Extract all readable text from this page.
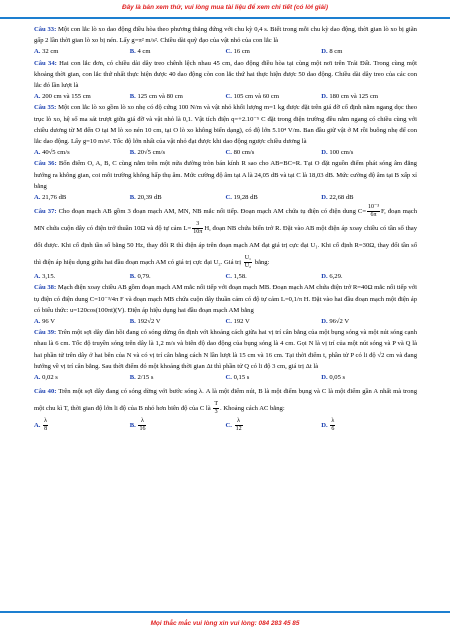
Đây là bản xem thử, vui lòng mua tài liệu để xem chi tiết (có lời giải)
Câu 33: Một con lắc lò xo dao động điều hòa theo phương thẳng đứng với chu kỳ 0,4 s. Biết trong mỗi chu kỳ dao động, thời gian lò xo bị giãn gấp 2 lần thời gian lò xo bị nén. Lấy g=π² m/s². Chiều dài quỹ đạo của vật nhỏ của con lắc là
A. 32 cm	B. 4 cm	C. 16 cm	D. 8 cm
Câu 34: Hai con lắc đơn, có chiều dài dây treo chênh lệch nhau 45 cm, dao động điều hòa tại cùng một nơi trên Trái Đất. Trong cùng một khoảng thời gian, con lắc thứ nhất thực hiện được 40 dao động còn con lắc thứ hai thực hiện được 50 dao động. Chiều dài dây treo của các con lắc đó lần lượt là
A. 200 cm và 155 cm	B. 125 cm và 80 cm	C. 105 cm và 60 cm	D. 180 cm và 125 cm
Câu 35: Một con lắc lò xo gồm lò xo nhẹ có độ cứng 100 N/m và vật nhỏ khối lượng m=1 kg được đặt trên giá đỡ cố định nằm ngang dọc theo trục lò xo, hệ số ma sát trượt giữa giá đỡ và vật nhỏ là 0,1. Vật tích điện q=+2.10⁻⁵ C đặt trong điện trường đều nằm ngang có chiều cùng với chiều dương từ M đến O tại M lò xo nén 10 cm, tại O lò xo không biến dạng), có độ lớn 5.10⁴ V/m. Ban đầu giữ vật ở M rồi buông nhẹ để con lắc dao động. Lấy g=10 m/s². Tốc độ lớn nhất của vật nhỏ đạt được khi dao động ngược chiều dương là
A. 40√5 cm/s	B. 20√5 cm/s	C. 80 cm/s	D. 100 cm/s
Câu 36: Bốn điểm O, A, B, C cùng nằm trên một nửa đường tròn bán kính R sao cho AB=BC=R. Tại O đặt nguồn điểm phát sóng âm đẳng hướng ra không gian, coi môi trường không hấp thụ âm. Mức cường độ âm tại A là 24,05 dB và tại C là 18,03 dB. Mức cường độ âm tại B xấp xỉ bằng
A. 21,76 dB	B. 20,39 dB	C. 19,28 dB	D. 22,68 dB
Câu 37: Cho đoạn mạch AB gồm 3 đoạn mạch AM, MN, NB mắc nối tiếp. Đoạn mạch AM chứa tụ điện có điện dung $C= \frac{\text{10⁻³}}{6\pi} F$, đoạn mạch MN chứa cuộn dây có điện trở thuần 10Ω và độ tự cảm $L= \frac{3}{10\pi} H$, đoạn NB chứa biến trở R. Đặt vào AB một điện áp xoay chiều có tần số thay đổi được. Khi cố định tần số bằng 50 Hz, thay đổi R thì điện áp trên đoạn mạch AM đạt giá trị cực đại U₁. Khi cố định R=30Ω, thay đổi tần số thì điện áp hiệu dụng giữa hai đầu đoạn mạch AM có giá trị cực đại U₂. Giá trị $\frac{\text{U₁}}{\text{U₂}}$ bằng:
A. 3,15.	B. 0,79.	C. 1,58.	D. 6,29.
Câu 38: Mạch điện xoay chiều AB gồm đoạn mạch AM mắc nối tiếp với đoạn mạch MB. Đoạn mạch AM chứa điện trở R=40Ω mắc nối tiếp với tụ điện có điện dung C=10⁻³/4π F và đoạn mạch MB chứa cuộn dây thuần cảm có độ tự cảm L=0,1/π H. Đặt vào hai đầu đoạn mạch một điện áp có biểu thức: u=120cos(100πt)(V). Điện áp hiệu dụng hai đầu đoạn mạch AM bằng
A. 96 V	B. 192√2 V	C. 192 V	D. 96√2 V
Câu 39: Trên một sợi dây đàn hồi đang có sóng dừng ổn định với khoảng cách giữa hai vị trí cân bằng của một bụng sóng và một nút sóng cạnh nhau là 6 cm. Tốc độ truyền sóng trên dây là 1,2 m/s và biên độ dao động của bụng sóng là 4 cm. Gọi N là vị trí của một nút sóng và P và Q là hai phần tử trên dây ở hai bên của N và có vị trí cân bằng cách N lần lượt là 15 cm và 16 cm. Tại thời điểm t, phần tử P có li độ √2 cm và đang hướng về vị trí cân bằng. Sau thời điểm đó một khoảng thời gian Δt thì phần tử Q có li độ 3 cm, giá trị Δt là
A. 0,02 s	B. 2/15 s	C. 0,15 s	D. 0,05 s
Câu 40: Trên một sợi dây đang có sóng dừng với bước sóng λ. A là một điểm nút, B là một điểm bụng và C là một điểm gần A nhất mà trong một chu kì T, thời gian độ lớn li độ của B nhỏ hơn biên độ của C là $\frac{T}{3}$ . Khoảng cách AC bằng:
A. $\frac{\lambda}{8}$	B. $\frac{\lambda}{16}$	C. $\frac{\lambda}{12}$	D. $\frac{\lambda}{6}$
Mọi thắc mắc vui lòng xin vui lòng: 084 283 45 85
